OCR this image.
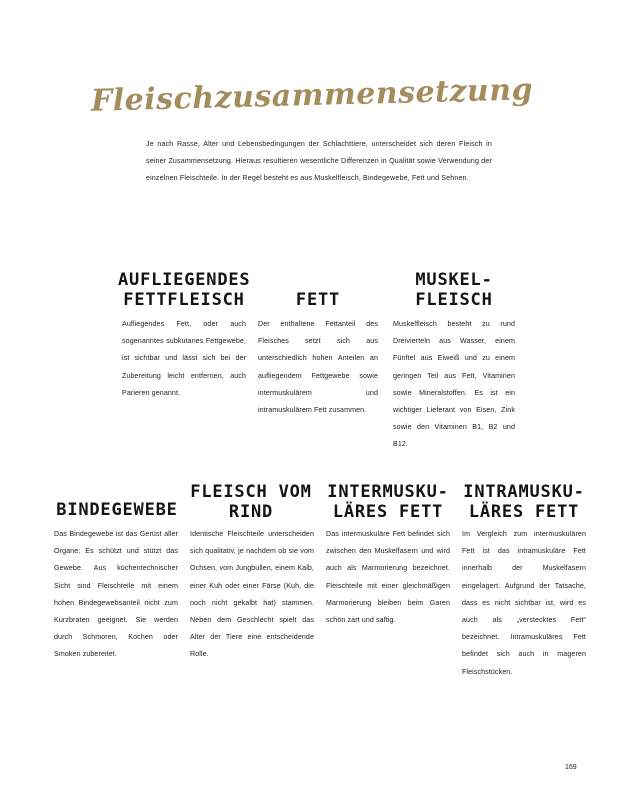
Fleischzusammensetzung

Je nach Rasse, Alter und Lebensbedingungen der Schlachttiere, unterscheidet sich deren Fleisch in seiner Zusammensetzung. Hieraus resultieren wesentliche Differenzen in Qualität sowie Verwendung der einzelnen Fleischteile. In der Regel besteht es aus Muskelfleisch, Bindegewebe, Fett und Sehnen.

AUFLIEGENDES
FETTFLEISCH

Aufliegendes Fett, oder auch sogenanntes subkutanes Fettgewebe, ist sichtbar und lässt sich bei der Zubereitung leicht entfernen, auch Parieren genannt.

FETT

Der enthaltene Fettanteil des Fleisches setzt sich aus unterschiedlich hohen Anteilen an aufliegendem Fettgewebe sowie intermuskulärem und intramuskulärem Fett zusammen.

MUSKEL-
FLEISCH

Muskelfleisch besteht zu rund Dreivierteln aus Wasser, einem Fünftel aus Eiweiß und zu einem geringen Teil aus Fett, Vitaminen sowie Mineralstoffen. Es ist ein wichtiger Lieferant von Eisen, Zink sowie den Vitaminen B1, B2 und B12.

BINDEGEWEBE

Das Bindegewebe ist das Gerüst aller Organe: Es schützt und stützt das Gewebe. Aus küchentechnischer Sicht sind Fleischteile mit einem hohen Bindegewebsanteil nicht zum Kurzbraten geeignet. Sie werden durch Schmoren, Kochen oder Smoken zubereitet.

FLEISCH VOM
RIND

Identische Fleischteile unterscheiden sich qualitativ, je nachdem ob sie vom Ochsen, vom Jungbullen, einem Kalb, einer Kuh oder einer Färse (Kuh, die noch nicht gekalbt hat) stammen. Neben dem Geschlecht spielt das Alter der Tiere eine entscheidende Rolle.

INTERMUSKU-
LÄRES FETT

Das intermuskuläre Fett befindet sich zwischen den Muskelfasern und wird auch als Marmorierung bezeichnet. Fleischteile mit einer gleichmäßigen Marmorierung bleiben beim Garen schön zart und saftig.

INTRAMUSKU-
LÄRES FETT

Im Vergleich zum intermuskulären Fett ist das intramuskuläre Fett innerhalb der Muskelfasern eingelagert. Aufgrund der Tatsache, dass es nicht sichtbar ist, wird es auch als „verstecktes Fett“ bezeichnet. Intramuskuläres Fett befindet sich auch in mageren Fleischstücken.

169
